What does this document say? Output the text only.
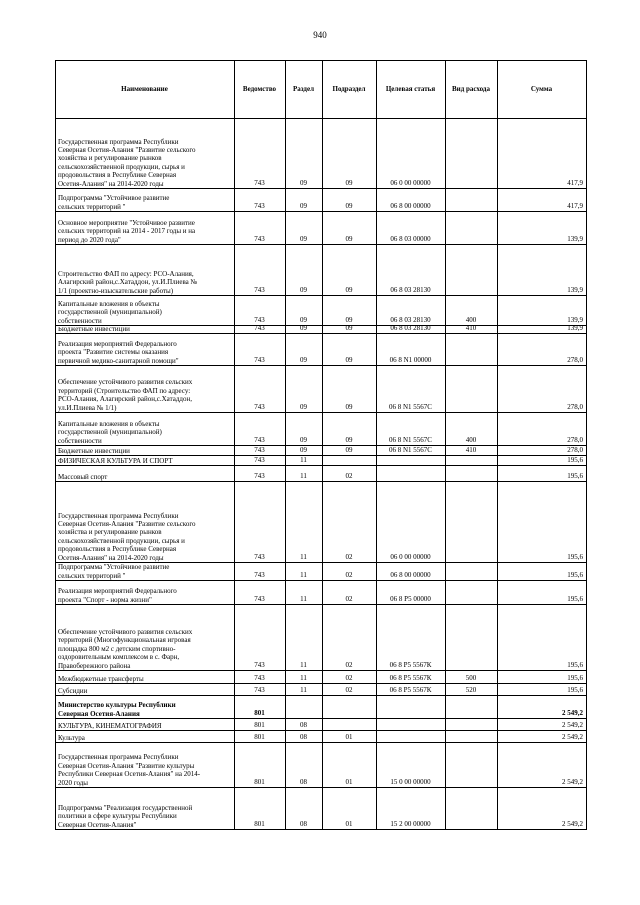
940
Наименование	Ведомство	Раздел	Подраздел	Целевая статья	Вид расхода	Сумма
Государственная программа Республики
Северная Осетия-Алания "Развитие сельского
хозяйства и регулирование рынков
сельскохозяйственной продукции, сырья и
продовольствия в Республике Северная
Осетия-Алания" на 2014-2020 годы	743	09	09	06 0 00 00000	417,9
Подпрограмма "Устойчивое развитие
сельских территорий "	743	09	09	06 8 00 00000	417,9
Основное мероприятие "Устойчивое развитие
сельских территорий на 2014 - 2017 годы и на
период до 2020 года"	743	09	09	06 8 03 00000	139,9
Строительство ФАП по адресу: РСО-Алания,
Алагирский район,с.Хатаддон, ул.И.Плиева №
1/1 (проектно-изыскательские работы)	743	09	09	06 8 03 28130	139,9
Капитальные вложения в объекты
государственной (муниципальной)
собственности	743	09	09	06 8 03 28130	400	139,9
Бюджетные инвестиции	743	09	09	06 8 03 28130	410	139,9
Реализация мероприятий Федерального
проекта "Развитие системы оказания
первичной медико-санитарной помощи"	743	09	09	06 8 N1 00000	278,0
Обеспечение устойчивого развития сельских
территорий (Строительство ФАП по адресу:
РСО-Алания, Алагирский район,с.Хатаддон,
ул.И.Плиева № 1/1)	743	09	09	06 8 N1 5567С	278,0
Капитальные вложения в объекты
государственной (муниципальной)
собственности	743	09	09	06 8 N1 5567С	400	278,0
Бюджетные инвестиции	743	09	09	06 8 N1 5567С	410	278,0
ФИЗИЧЕСКАЯ КУЛЬТУРА И СПОРТ	743	11	195,6
Массовый спорт	743	11	02	195,6
Государственная программа Республики
Северная Осетия-Алания "Развитие сельского
хозяйства и регулирование рынков
сельскохозяйственной продукции, сырья и
продовольствия в Республике Северная
Осетия-Алания" на 2014-2020 годы	743	11	02	06 0 00 00000	195,6
Подпрограмма "Устойчивое развитие
сельских территорий "	743	11	02	06 8 00 00000	195,6
Реализация мероприятий Федерального
проекта "Спорт - норма жизни"	743	11	02	06 8 P5 00000	195,6
Обеспечение устойчивого развития сельских
территорий (Многофункциональная игровая
площадка 800 м2 с детским спортивно-
оздоровительным комплексом в с. Фарн,
Правобережного района	743	11	02	06 8 P5 5567К	195,6
Межбюджетные трансферты	743	11	02	06 8 P5 5567К	500	195,6
Субсидии	743	11	02	06 8 P5 5567К	520	195,6
Министерство культуры Республики
Северная Осетия-Алания	801	2 549,2
КУЛЬТУРА, КИНЕМАТОГРАФИЯ	801	08	2 549,2
Культура	801	08	01	2 549,2
Государственная программа Республики
Северная Осетия-Алания "Развитие культуры
Республики Северная Осетия-Алания" на 2014-
2020 годы	801	08	01	15 0 00 00000	2 549,2
Подпрограмма "Реализация государственной
политики в сфере культуры Республики
Северная Осетия-Алания"	801	08	01	15 2 00 00000	2 549,2
